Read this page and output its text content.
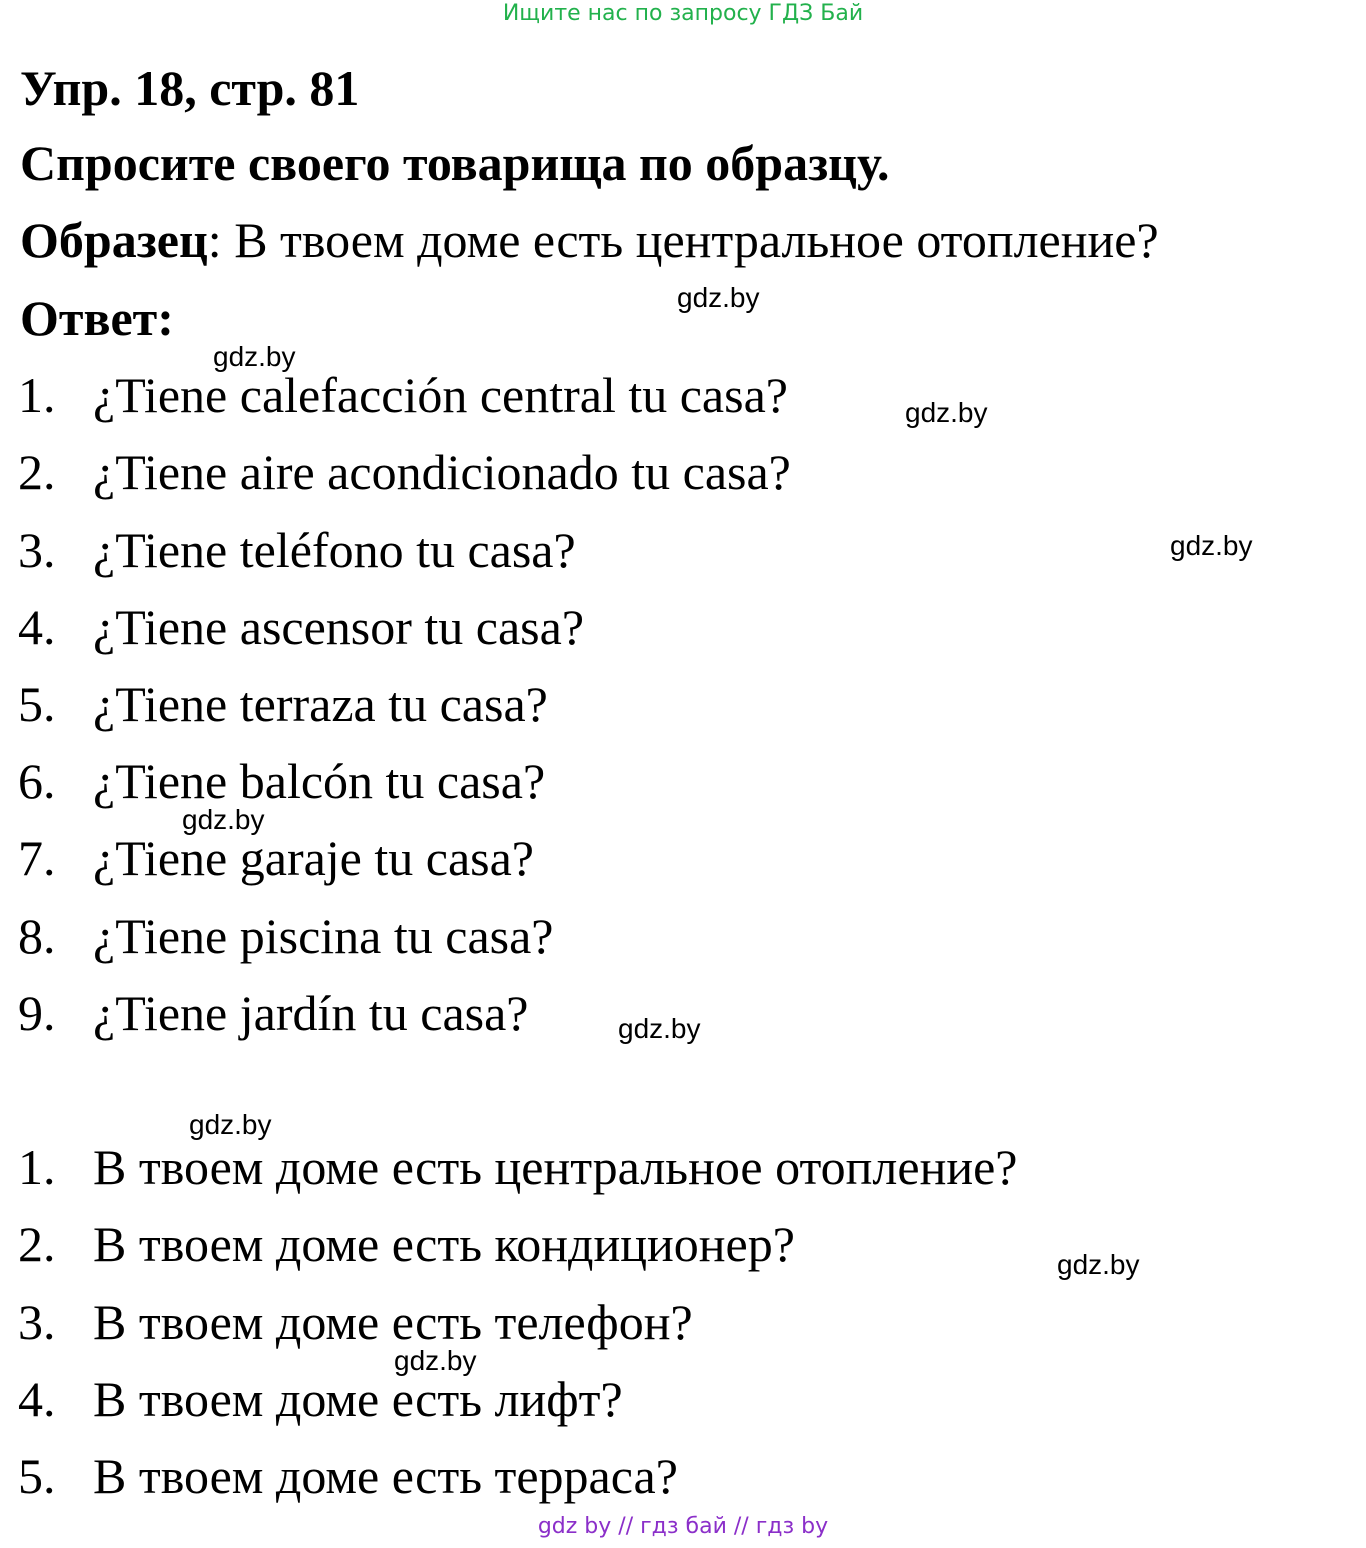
Ищите нас по запросу ГДЗ Бай
Упр. 18, стр. 81
Спросите своего товарища по образцу.
Образец: В твоем доме есть центральное отопление?
Ответ:
1. ¿Tiene calefacción central tu casa?
2. ¿Tiene aire acondicionado tu casa?
3. ¿Tiene teléfono tu casa?
4. ¿Tiene ascensor tu casa?
5. ¿Tiene terraza tu casa?
6. ¿Tiene balcón tu casa?
7. ¿Tiene garaje tu casa?
8. ¿Tiene piscina tu casa?
9. ¿Tiene jardín tu casa?
1. В твоем доме есть центральное отопление?
2. В твоем доме есть кондиционер?
3. В твоем доме есть телефон?
4. В твоем доме есть лифт?
5. В твоем доме есть терраса?
gdz.by
gdz.by
gdz.by
gdz.by
gdz.by
gdz.by
gdz.by
gdz.by
gdz.by
gdz by // гдз бай // гдз by
